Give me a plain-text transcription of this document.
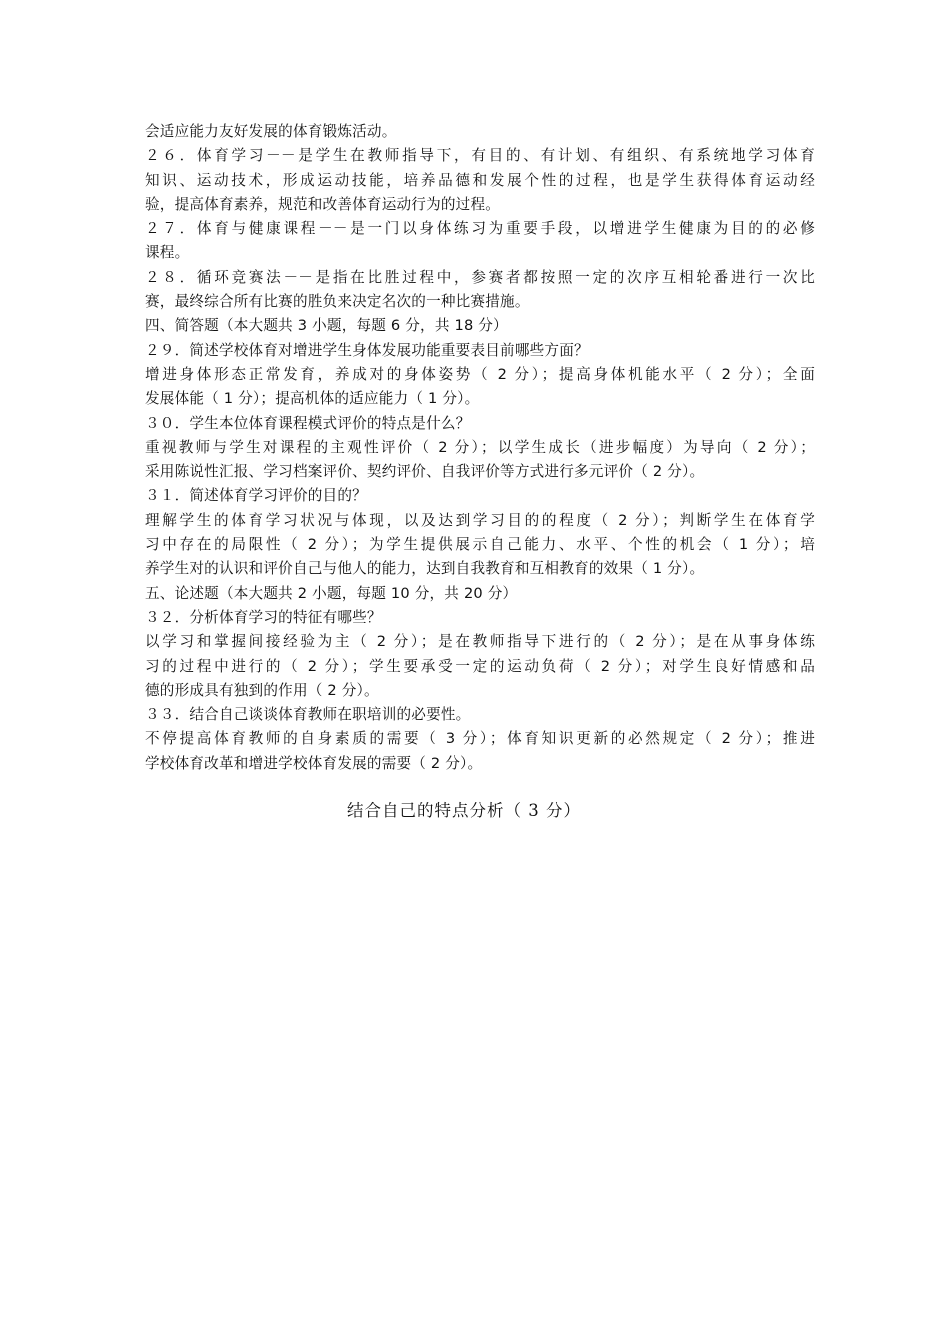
会适应能力友好发展的体育锻炼活动。
２６．体育学习－－是学生在教师指导下，有目的、有计划、有组织、有系统地学习体育
知识、运动技术，形成运动技能，培养品德和发展个性的过程，也是学生获得体育运动经
验，提高体育素养，规范和改善体育运动行为的过程。
２７．体育与健康课程－－是一门以身体练习为重要手段，以增进学生健康为目的的必修
课程。
２８．循环竞赛法－－是指在比胜过程中，参赛者都按照一定的次序互相轮番进行一次比
赛，最终综合所有比赛的胜负来决定名次的一种比赛措施。
四、简答题（本大题共 3 小题，每题 6 分，共 18 分）
２９．简述学校体育对增进学生身体发展功能重要表目前哪些方面？
增进身体形态正常发育，养成对的身体姿势（ 2 分）；提高身体机能水平（ 2 分）；全面
发展体能（ 1 分）；提高机体的适应能力（ 1 分）。
３０．学生本位体育课程模式评价的特点是什么？
重视教师与学生对课程的主观性评价（ 2 分）；以学生成长（进步幅度）为导向（ 2 分）；
采用陈说性汇报、学习档案评价、契约评价、自我评价等方式进行多元评价（ 2 分）。
３１．简述体育学习评价的目的？
理解学生的体育学习状况与体现，以及达到学习目的的程度（ 2 分）；判断学生在体育学
习中存在的局限性（ 2 分）；为学生提供展示自己能力、水平、个性的机会（ 1 分）；培
养学生对的认识和评价自己与他人的能力，达到自我教育和互相教育的效果（ 1 分）。
五、论述题（本大题共 2 小题，每题 10 分，共 20 分）
３２．分析体育学习的特征有哪些？
以学习和掌握间接经验为主（ 2 分）；是在教师指导下进行的（ 2 分）；是在从事身体练
习的过程中进行的（ 2 分）；学生要承受一定的运动负荷（ 2 分）；对学生良好情感和品
德的形成具有独到的作用（ 2 分）。
３３．结合自己谈谈体育教师在职培训的必要性。
不停提高体育教师的自身素质的需要（ 3 分）；体育知识更新的必然规定（ 2 分）；推进
学校体育改革和增进学校体育发展的需要（ 2 分）。
结合自己的特点分析（ 3 分）
